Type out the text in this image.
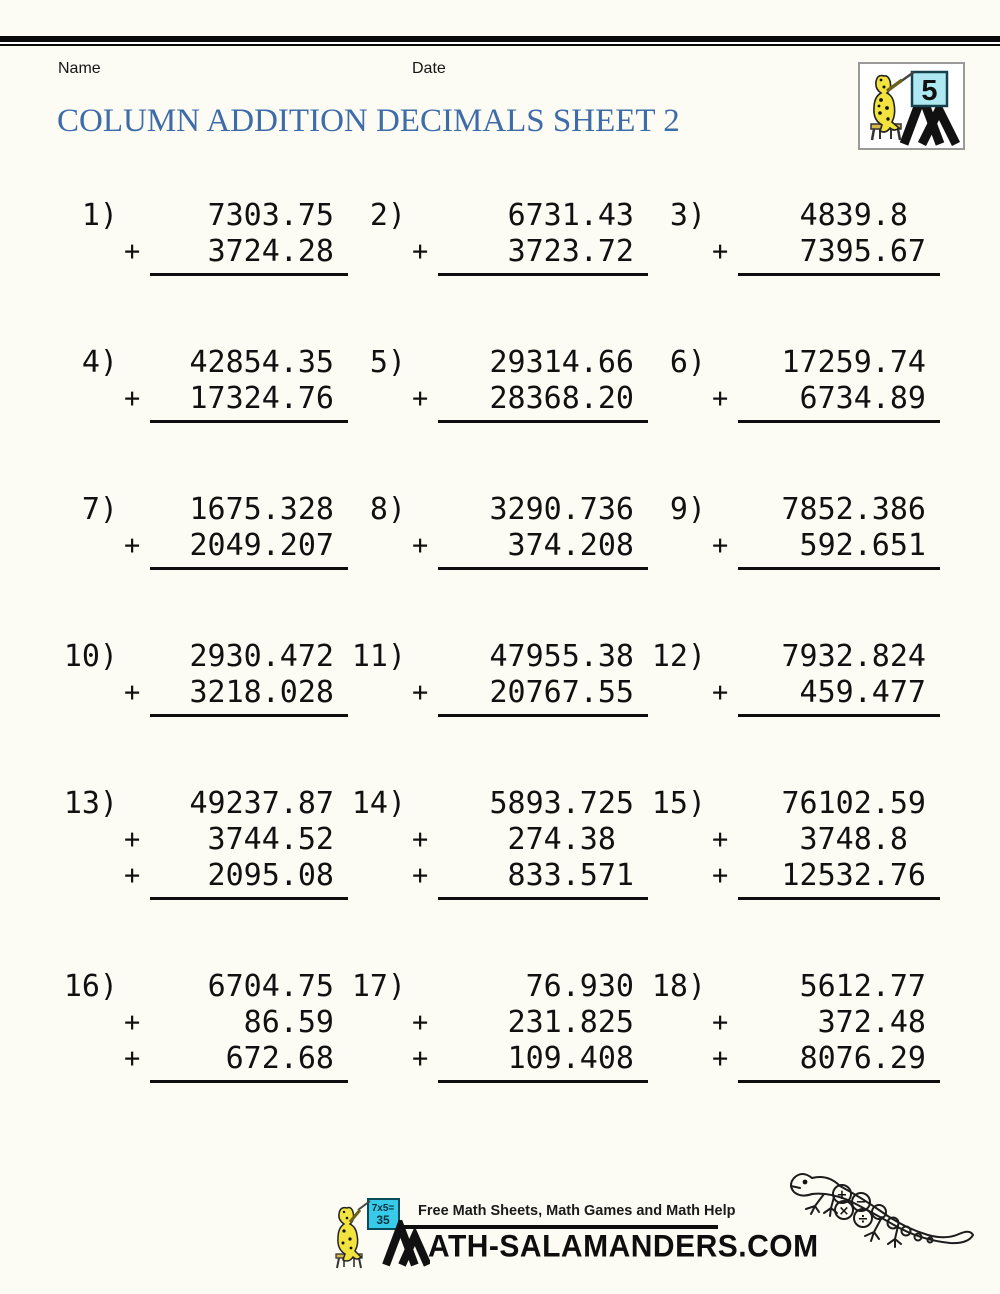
Name	Date
5
COLUMN ADDITION DECIMALS SHEET 2
1)	7303.75
+	3724.28
2)	6731.43
+	3723.72
3)	4839.8
+	7395.67
4)	42854.35
+	17324.76
5)	29314.66
+	28368.20
6)	17259.74
+	6734.89
7)	1675.328
+	2049.207
8)	3290.736
+	374.208
9)	7852.386
+	592.651
10)	2930.472
+	3218.028
11)	47955.38
+	20767.55
12)	7932.824
+	459.477
13)	49237.87
+	3744.52
+	2095.08
14)	5893.725
+	274.38
+	833.571
15)	76102.59
+	3748.8
+	12532.76
16)	6704.75
+	86.59
+	672.68
17)	76.930
+	231.825
+	109.408
18)	5612.77
+	372.48
+	8076.29
7x5=
35
Free Math Sheets, Math Games and Math Help
ATH-SALAMANDERS.COM
+ −
×
÷
